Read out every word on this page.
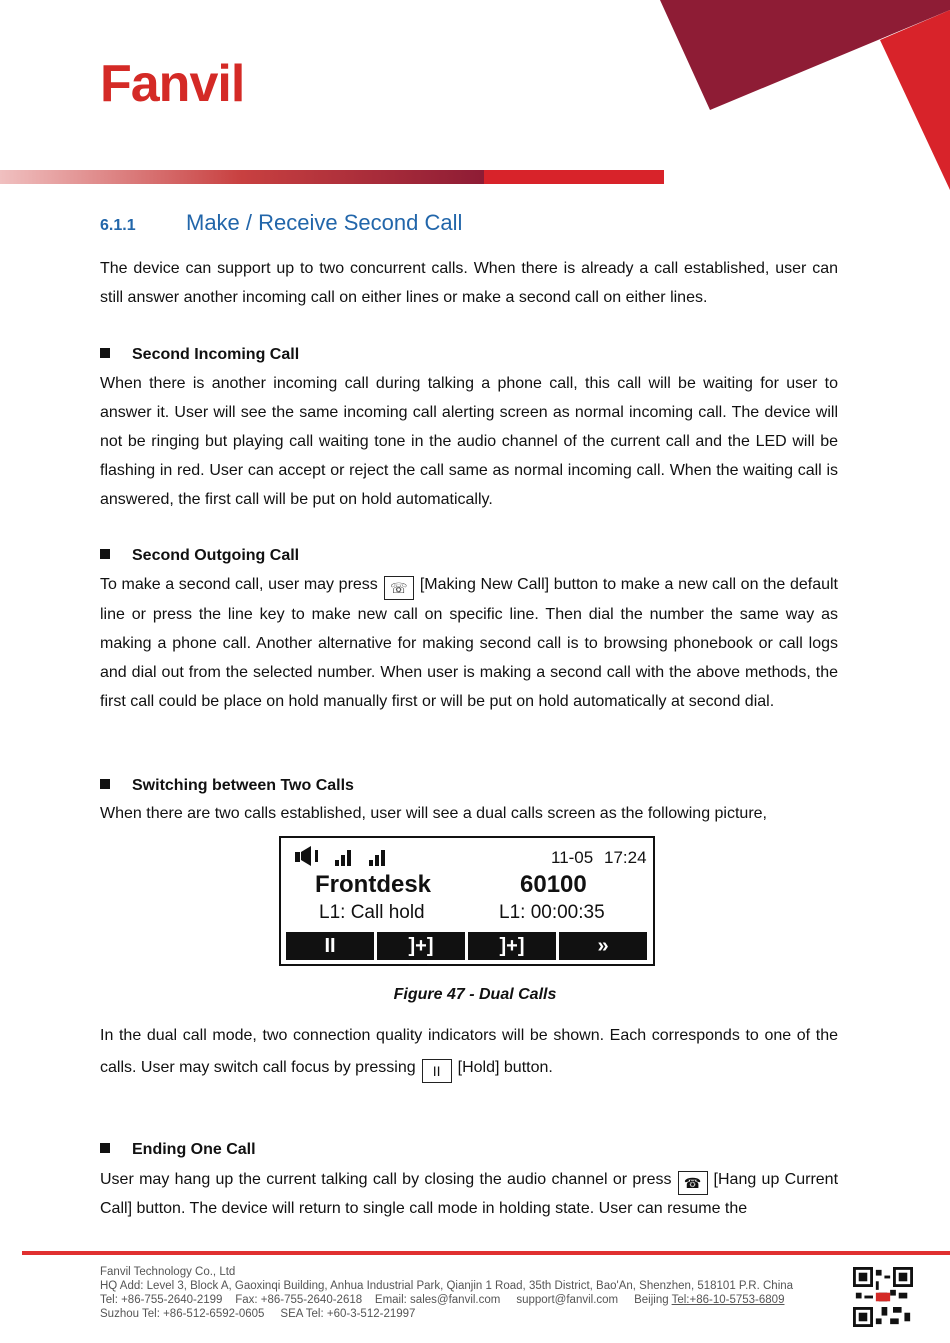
Fanvil
6.1.1 Make / Receive Second Call
The device can support up to two concurrent calls. When there is already a call established, user can still answer another incoming call on either lines or make a second call on either lines.
Second Incoming Call
When there is another incoming call during talking a phone call, this call will be waiting for user to answer it. User will see the same incoming call alerting screen as normal incoming call. The device will not be ringing but playing call waiting tone in the audio channel of the current call and the LED will be flashing in red. User can accept or reject the call same as normal incoming call. When the waiting call is answered, the first call will be put on hold automatically.
Second Outgoing Call
To make a second call, user may press ☏ [Making New Call] button to make a new call on the default line or press the line key to make new call on specific line. Then dial the number the same way as making a phone call. Another alternative for making second call is to browsing phonebook or call logs and dial out from the selected number. When user is making a second call with the above methods, the first call could be place on hold manually first or will be put on hold automatically at second dial.
Switching between Two Calls
When there are two calls established, user will see a dual calls screen as the following picture,
11-05 17:24
Frontdesk	60100
L1: Call hold	L1: 00:00:35
II	]+]	]+]	»
Figure 47 - Dual Calls
In the dual call mode, two connection quality indicators will be shown. Each corresponds to one of the calls. User may switch call focus by pressing II [Hold] button.
Ending One Call
User may hang up the current talking call by closing the audio channel or press ☎ [Hang up Current Call] button. The device will return to single call mode in holding state. User can resume the
Fanvil Technology Co., Ltd
HQ Add: Level 3, Block A, Gaoxinqi Building, Anhua Industrial Park, Qianjin 1 Road, 35th District, Bao'An, Shenzhen, 518101 P.R. China
Tel: +86-755-2640-2199    Fax: +86-755-2640-2618    Email: sales@fanvil.com     support@fanvil.com     Beijing Tel:+86-10-5753-6809
Suzhou Tel: +86-512-6592-0605     SEA Tel: +60-3-512-21997
